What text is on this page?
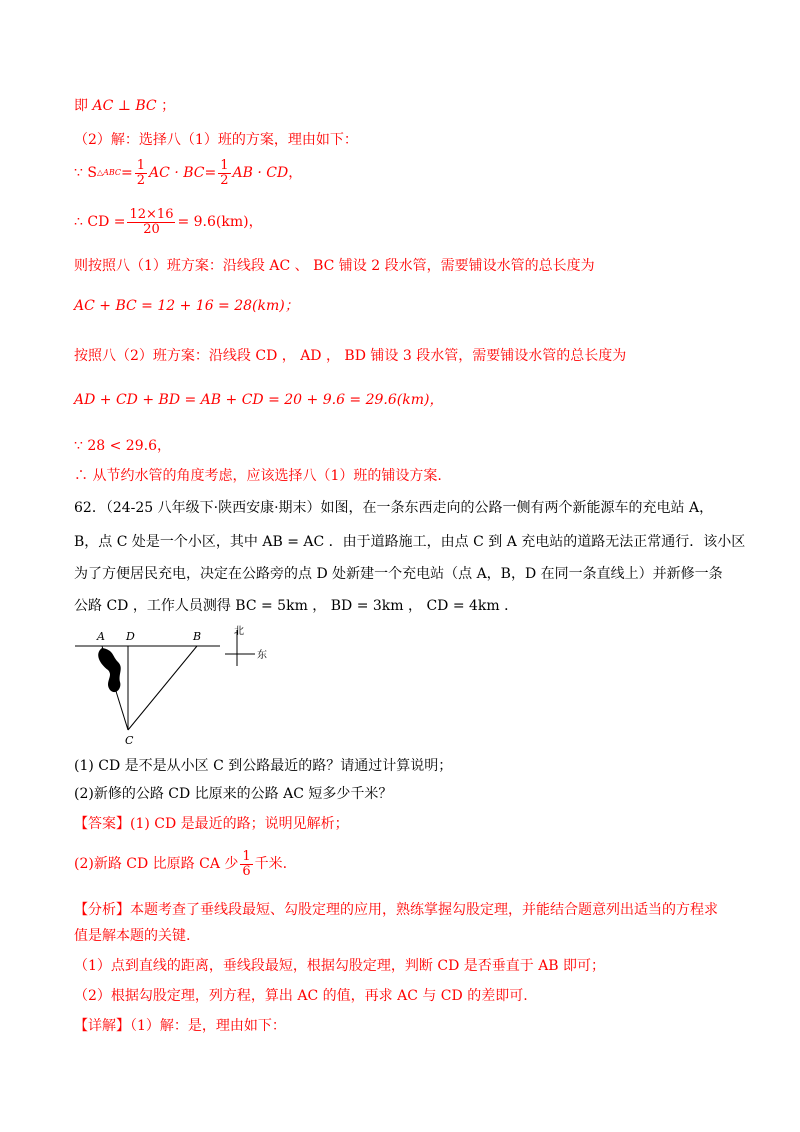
即 AC ⊥ BC ；
（2）解：选择八（1）班的方案，理由如下：
∵ S △ABC = $\frac{1}{2}$ AC · BC = $\frac{1}{2}$ AB · CD ，
∴ CD = $\frac{12\times 16}{20} = 9.6(km)$，
则按照八（1）班方案：沿线段 AC 、 BC 铺设 2 段水管，需要铺设水管的总长度为
AC + BC = 12 + 16 = 28(km)；
按照八（2）班方案：沿线段 CD ， AD ， BD 铺设 3 段水管，需要铺设水管的总长度为
AD + CD + BD = AB + CD = 20 + 9.6 = 29.6(km)，
∵ 28 < 29.6，
∴ 从节约水管的角度考虑，应该选择八（1）班的铺设方案.
62．（24-25 八年级下·陕西安康·期末）如图，在一条东西走向的公路一侧有两个新能源车的充电站 A，
B，点 C 处是一个小区，其中 AB = AC ．由于道路施工，由点 C 到 A 充电站的道路无法正常通行．该小区
为了方便居民充电，决定在公路旁的点 D 处新建一个充电站（点 A，B，D 在同一条直线上）并新修一条
公路 CD ，工作人员测得 BC = 5km ， BD = 3km ， CD = 4km ．
A D	B
C
北
东
(1) CD 是不是从小区 C 到公路最近的路？请通过计算说明；
(2)新修的公路 CD 比原来的公路 AC 短多少千米？
【答案】(1) CD 是最近的路；说明见解析；
(2)新路 CD 比原路 CA 少 $\frac{1}{6}$ 千米.
【分析】本题考查了垂线段最短、勾股定理的应用，熟练掌握勾股定理，并能结合题意列出适当的方程求
值是解本题的关键.
（1）点到直线的距离，垂线段最短，根据勾股定理，判断 CD 是否垂直于 AB 即可；
（2）根据勾股定理，列方程，算出 AC 的值，再求 AC 与 CD 的差即可.
【详解】（1）解：是，理由如下：
